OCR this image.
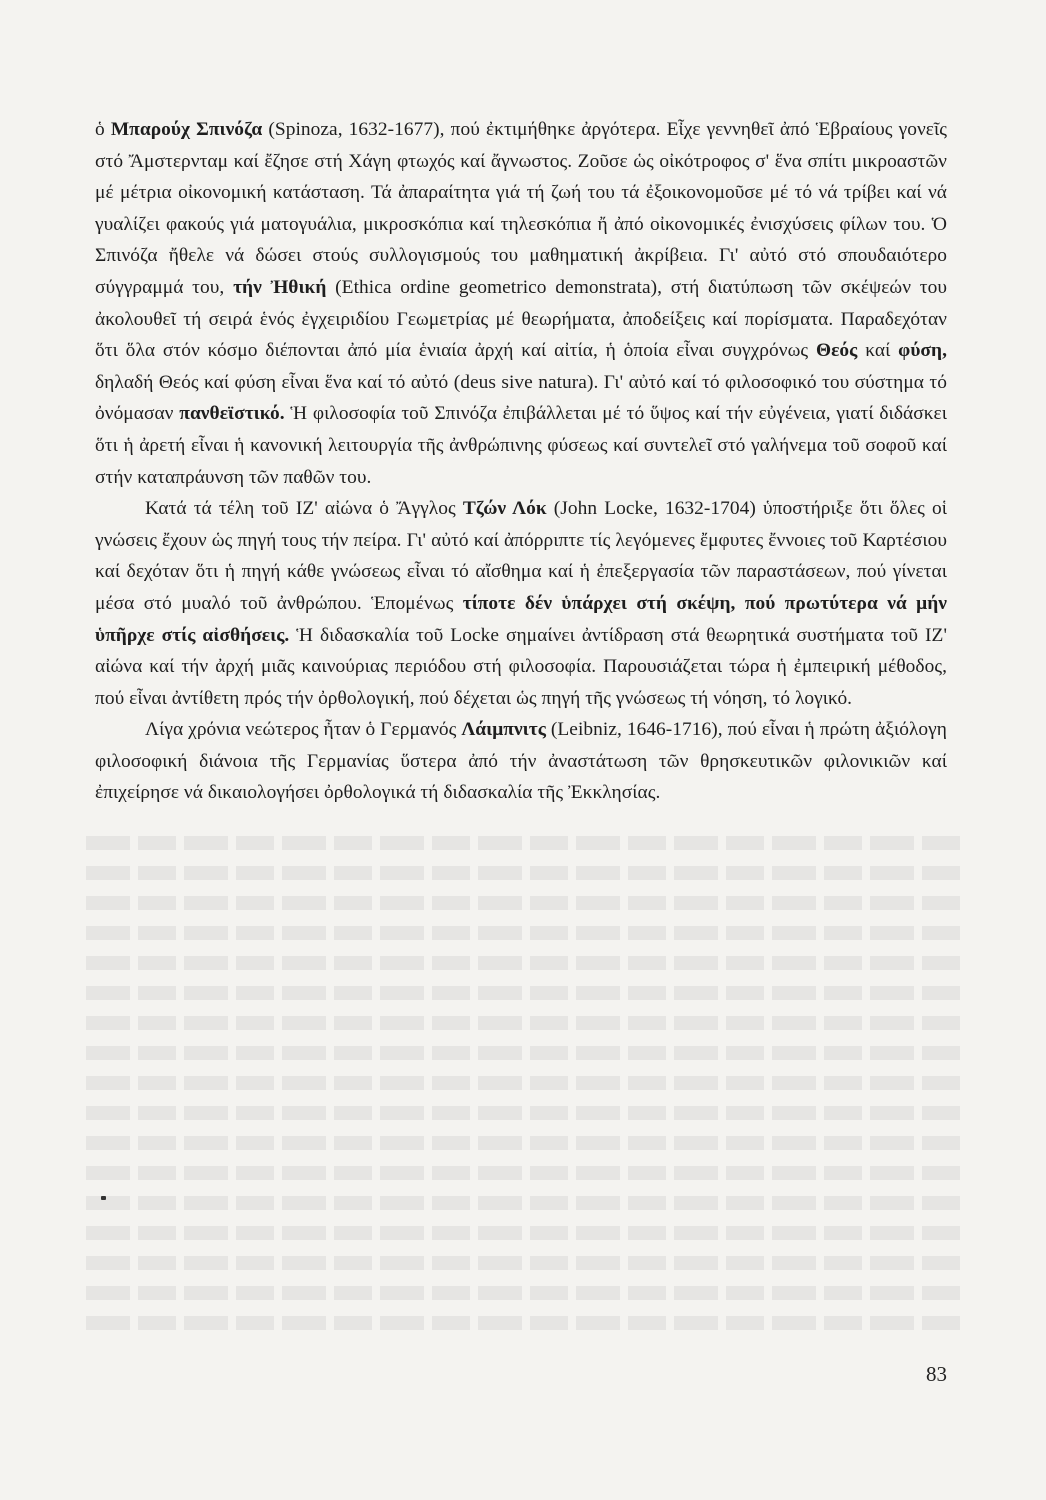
ὁ Μπαρούχ Σπινόζα (Spinoza, 1632-1677), πού ἐκτιμήθηκε ἀργότερα. Εἶχε γεννηθεῖ ἀπό Ἑβραίους γονεῖς στό Ἄμστερνταμ καί ἔζησε στή Χάγη φτωχός καί ἄγνωστος. Ζοῦσε ὡς οἰκότροφος σ' ἕνα σπίτι μικροαστῶν μέ μέτρια οἰκονομική κατάσταση. Τά ἀπαραίτητα γιά τή ζωή του τά ἐξοικονομοῦσε μέ τό νά τρίβει καί νά γυαλίζει φακούς γιά ματογυάλια, μικροσκόπια καί τηλεσκόπια ἤ ἀπό οἰκονομικές ἐνισχύσεις φίλων του. Ὁ Σπινόζα ἤθελε νά δώσει στούς συλλογισμούς του μαθηματική ἀκρίβεια. Γι' αὐτό στό σπουδαιότερο σύγγραμμά του, τήν Ἠθική (Ethica ordine geometrico demonstrata), στή διατύπωση τῶν σκέψεών του ἀκολουθεῖ τή σειρά ἑνός ἐγχειριδίου Γεωμετρίας μέ θεωρήματα, ἀποδείξεις καί πορίσματα. Παραδεχόταν ὅτι ὅλα στόν κόσμο διέπονται ἀπό μία ἑνιαία ἀρχή καί αἰτία, ἡ ὁποία εἶναι συγχρόνως Θεός καί φύση, δηλαδή Θεός καί φύση εἶναι ἕνα καί τό αὐτό (deus sive natura). Γι' αὐτό καί τό φιλοσοφικό του σύστημα τό ὀνόμασαν πανθεϊστικό. Ἡ φιλοσοφία τοῦ Σπινόζα ἐπιβάλλεται μέ τό ὕψος καί τήν εὐγένεια, γιατί διδάσκει ὅτι ἡ ἀρετή εἶναι ἡ κανονική λειτουργία τῆς ἀνθρώπινης φύσεως καί συντελεῖ στό γαλήνεμα τοῦ σοφοῦ καί στήν καταπράυνση τῶν παθῶν του.

Κατά τά τέλη τοῦ ΙΖ' αἰώνα ὁ Ἄγγλος Τζών Λόκ (John Locke, 1632-1704) ὑποστήριξε ὅτι ὅλες οἱ γνώσεις ἔχουν ὡς πηγή τους τήν πείρα. Γι' αὐτό καί ἀπόρριπτε τίς λεγόμενες ἔμφυτες ἔννοιες τοῦ Καρτέσιου καί δεχόταν ὅτι ἡ πηγή κάθε γνώσεως εἶναι τό αἴσθημα καί ἡ ἐπεξεργασία τῶν παραστάσεων, πού γίνεται μέσα στό μυαλό τοῦ ἀνθρώπου. Ἑπομένως τίποτε δέν ὑπάρχει στή σκέψη, πού πρωτύτερα νά μήν ὑπῆρχε στίς αἰσθήσεις. Ἡ διδασκαλία τοῦ Locke σημαίνει ἀντίδραση στά θεωρητικά συστήματα τοῦ ΙΖ' αἰώνα καί τήν ἀρχή μιᾶς καινούριας περιόδου στή φιλοσοφία. Παρουσιάζεται τώρα ἡ ἐμπειρική μέθοδος, πού εἶναι ἀντίθετη πρός τήν ὀρθολογική, πού δέχεται ὡς πηγή τῆς γνώσεως τή νόηση, τό λογικό.

Λίγα χρόνια νεώτερος ἦταν ὁ Γερμανός Λάιμπνιτς (Leibniz, 1646-1716), πού εἶναι ἡ πρώτη ἀξιόλογη φιλοσοφική διάνοια τῆς Γερμανίας ὕστερα ἀπό τήν ἀναστάτωση τῶν θρησκευτικῶν φιλονικιῶν καί ἐπιχείρησε νά δικαιολογήσει ὀρθολογικά τή διδασκαλία τῆς Ἐκκλησίας.

83
